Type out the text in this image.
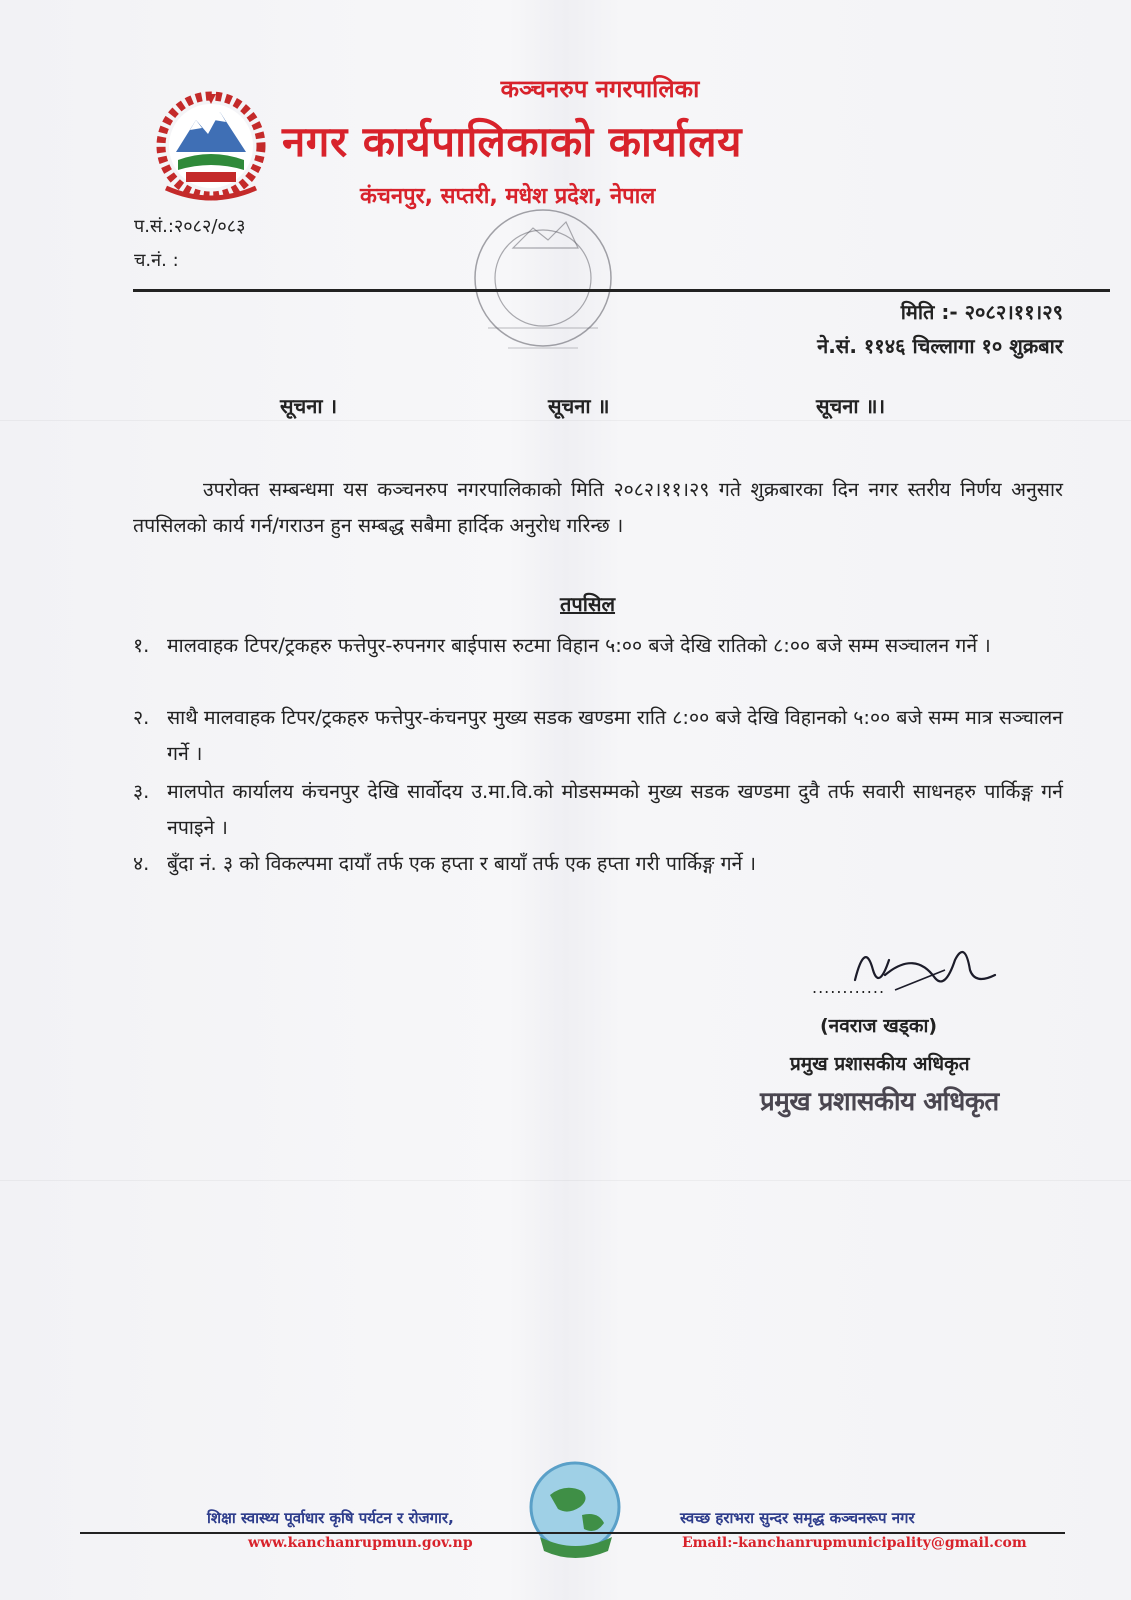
कञ्चनरुप नगरपालिका
नगर कार्यपालिकाको कार्यालय
कंचनपुर, सप्तरी, मधेश प्रदेश, नेपाल
प.सं.:२०८२/०८३
च.नं. :
मिति :- २०८२।११।२९
ने.सं. ११४६ चिल्लागा १० शुक्रबार
सूचना ।	सूचना ॥	सूचना ॥।
उपरोक्त सम्बन्धमा यस कञ्चनरुप नगरपालिकाको मिति २०८२।११।२९ गते शुक्रबारका दिन नगर स्तरीय निर्णय अनुसार तपसिलको कार्य गर्न/गराउन हुन सम्बद्ध सबैमा हार्दिक अनुरोध गरिन्छ ।
तपसिल
१. मालवाहक टिपर/ट्रकहरु फत्तेपुर-रुपनगर बाईपास रुटमा विहान ५:०० बजे देखि रातिको ८:०० बजे सम्म सञ्चालन गर्ने ।
२. साथै मालवाहक टिपर/ट्रकहरु फत्तेपुर-कंचनपुर मुख्य सडक खण्डमा राति ८:०० बजे देखि विहानको ५:०० बजे सम्म मात्र सञ्चालन गर्ने ।
३. मालपोत कार्यालय कंचनपुर देखि सार्वोदय उ.मा.वि.को मोडसम्मको मुख्य सडक खण्डमा दुवै तर्फ सवारी साधनहरु पार्किङ्ग गर्न नपाइने ।
४. बुँदा नं. ३ को विकल्पमा दायाँ तर्फ एक हप्ता र बायाँ तर्फ एक हप्ता गरी पार्किङ्ग गर्ने ।
............
(नवराज खड्का)
प्रमुख प्रशासकीय अधिकृत
प्रमुख प्रशासकीय अधिकृत
शिक्षा स्वास्थ्य पूर्वाधार कृषि पर्यटन र रोजगार,	स्वच्छ हराभरा सुन्दर समृद्ध कञ्चनरूप नगर
www.kanchanrupmun.gov.np	Email:-kanchanrupmunicipality@gmail.com
